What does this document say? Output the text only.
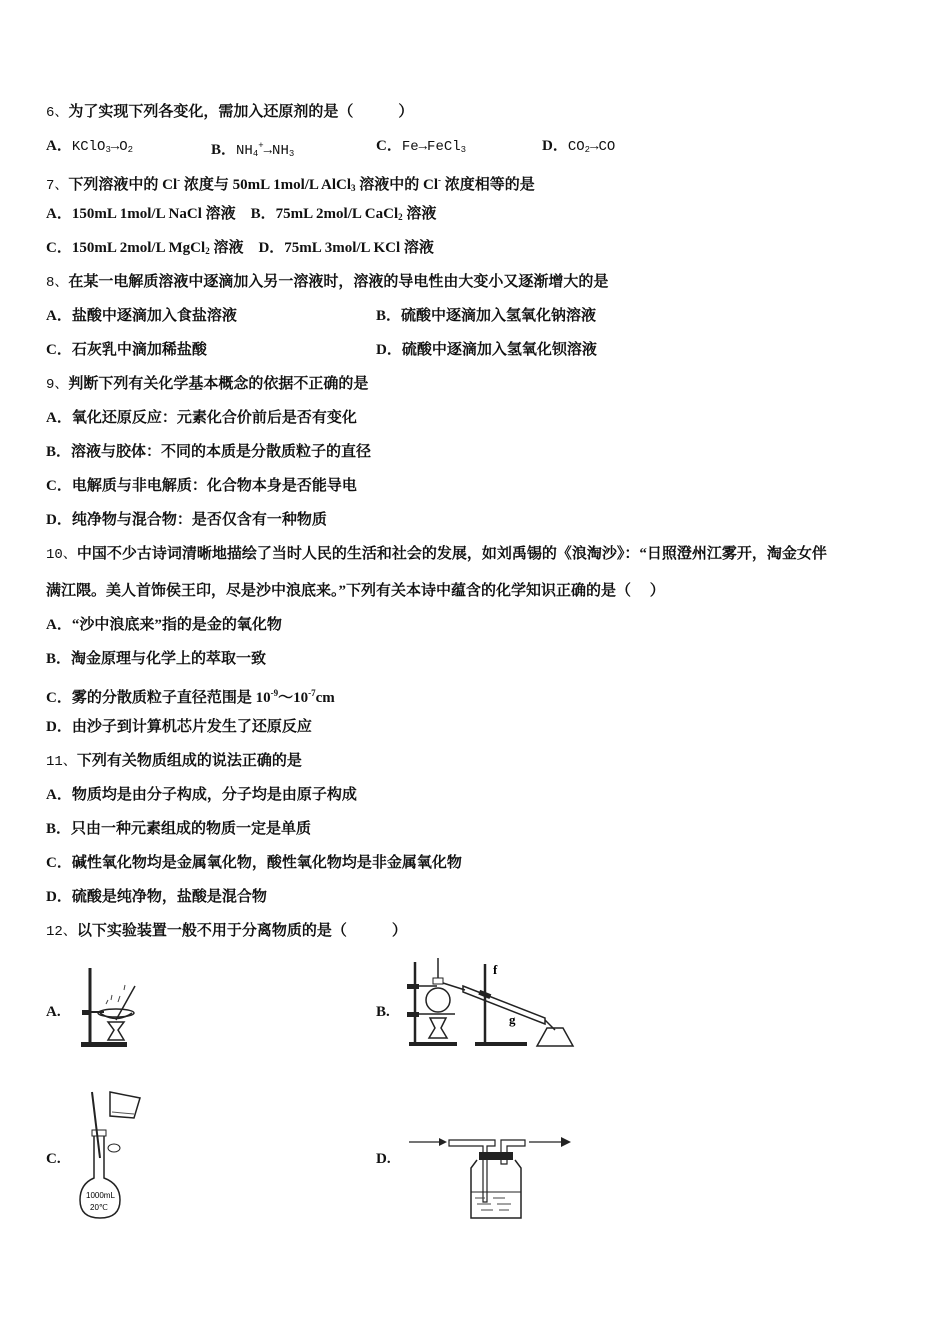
6、为了实现下列各变化，需加入还原剂的是（　　　）
A．$KClO_3\to O_2$	B．$NH_4^+\to NH_3$	C．Fe→FeCl$_3$	D．$CO_2\to CO$
7、下列溶液中的 Cl- 浓度与 50mL 1mol/L AlCl$_3$ 溶液中的 Cl- 浓度相等的是
A．150mL 1mol/L NaCl 溶液 B．75mL 2mol/L CaCl$_2$ 溶液
C．150mL 2mol/L MgCl$_2$ 溶液 D．75mL 3mol/L KCl 溶液
8、在某一电解质溶液中逐滴加入另一溶液时，溶液的导电性由大变小又逐渐增大的是
A．盐酸中逐滴加入食盐溶液	B．硫酸中逐滴加入氢氧化钠溶液
C．石灰乳中滴加稀盐酸	D．硫酸中逐滴加入氢氧化钡溶液
9、判断下列有关化学基本概念的依据不正确的是
A．氧化还原反应：元素化合价前后是否有变化
B．溶液与胶体：不同的本质是分散质粒子的直径
C．电解质与非电解质：化合物本身是否能导电
D．纯净物与混合物：是否仅含有一种物质
10、中国不少古诗词清晰地描绘了当时人民的生活和社会的发展，如刘禹锡的《浪淘沙》：“日照澄州江雾开，淘金女伴
满江隈。美人首饰侯王印，尽是沙中浪底来。”下列有关本诗中蕴含的化学知识正确的是（　 ）
A．“沙中浪底来”指的是金的氧化物
B．淘金原理与化学上的萃取一致
C．雾的分散质粒子直径范围是 $10^{-9}\sim 10^{-7}cm$
D．由沙子到计算机芯片发生了还原反应
11、下列有关物质组成的说法正确的是
A．物质均是由分子构成，分子均是由原子构成
B．只由一种元素组成的物质一定是单质
C．碱性氧化物均是金属氧化物，酸性氧化物均是非金属氧化物
D．硫酸是纯净物，盐酸是混合物
12、以下实验装置一般不用于分离物质的是（　　　）
A.	B.
f
g
C.
1000mL
20℃
D.
